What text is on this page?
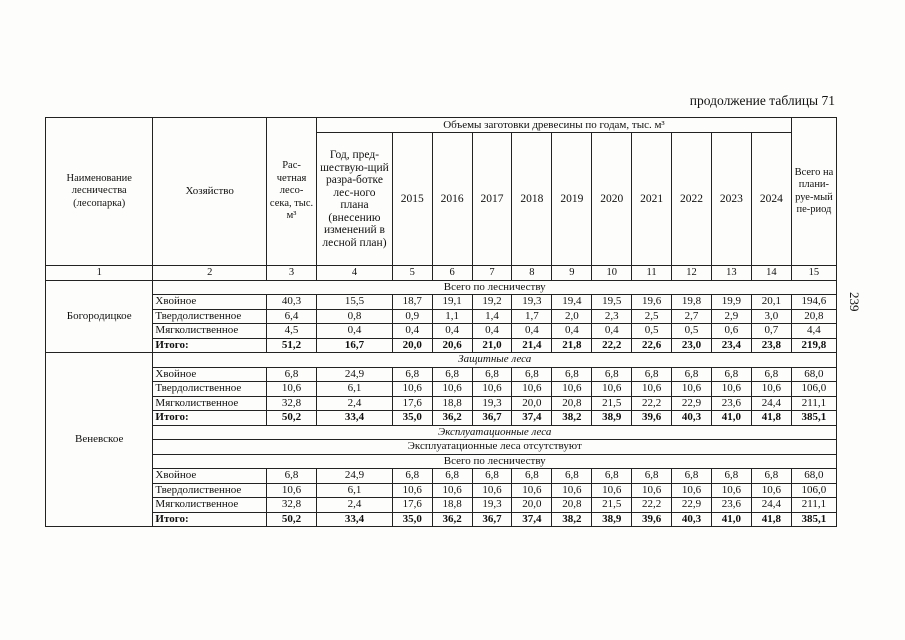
продолжение таблицы 71
239
Наименование лесничества (лесопарка)	Хозяйство	Рас-четная лесо-сека, тыс. м³	Объемы заготовки древесины по годам, тыс. м³											Всего на плани-руе-мый пе-риод
			Год, пред-шествую-щий разра-ботке лес-ного плана (внесению изменений в лесной план)	2015	2016	2017	2018	2019	2020	2021	2022	2023	2024	
1	2	3	4	5	6	7	8	9	10	11	12	13	14	15
Богородицкое	Всего по лесничеству													
	Хвойное	40,3	15,5	18,7	19,1	19,2	19,3	19,4	19,5	19,6	19,8	19,9	20,1	194,6
	Твердолиственное	6,4	0,8	0,9	1,1	1,4	1,7	2,0	2,3	2,5	2,7	2,9	3,0	20,8
	Мягколиственное	4,5	0,4	0,4	0,4	0,4	0,4	0,4	0,4	0,5	0,5	0,6	0,7	4,4
	Итого:	51,2	16,7	20,0	20,6	21,0	21,4	21,8	22,2	22,6	23,0	23,4	23,8	219,8
Веневское	Защитные леса													
	Хвойное	6,8	24,9	6,8	6,8	6,8	6,8	6,8	6,8	6,8	6,8	6,8	6,8	68,0
	Твердолиственное	10,6	6,1	10,6	10,6	10,6	10,6	10,6	10,6	10,6	10,6	10,6	10,6	106,0
	Мягколиственное	32,8	2,4	17,6	18,8	19,3	20,0	20,8	21,5	22,2	22,9	23,6	24,4	211,1
	Итого:	50,2	33,4	35,0	36,2	36,7	37,4	38,2	38,9	39,6	40,3	41,0	41,8	385,1
	Эксплуатационные леса													
	Эксплуатационные леса отсутствуют													
	Всего по лесничеству													
	Хвойное	6,8	24,9	6,8	6,8	6,8	6,8	6,8	6,8	6,8	6,8	6,8	6,8	68,0
	Твердолиственное	10,6	6,1	10,6	10,6	10,6	10,6	10,6	10,6	10,6	10,6	10,6	10,6	106,0
	Мягколиственное	32,8	2,4	17,6	18,8	19,3	20,0	20,8	21,5	22,2	22,9	23,6	24,4	211,1
	Итого:	50,2	33,4	35,0	36,2	36,7	37,4	38,2	38,9	39,6	40,3	41,0	41,8	385,1
